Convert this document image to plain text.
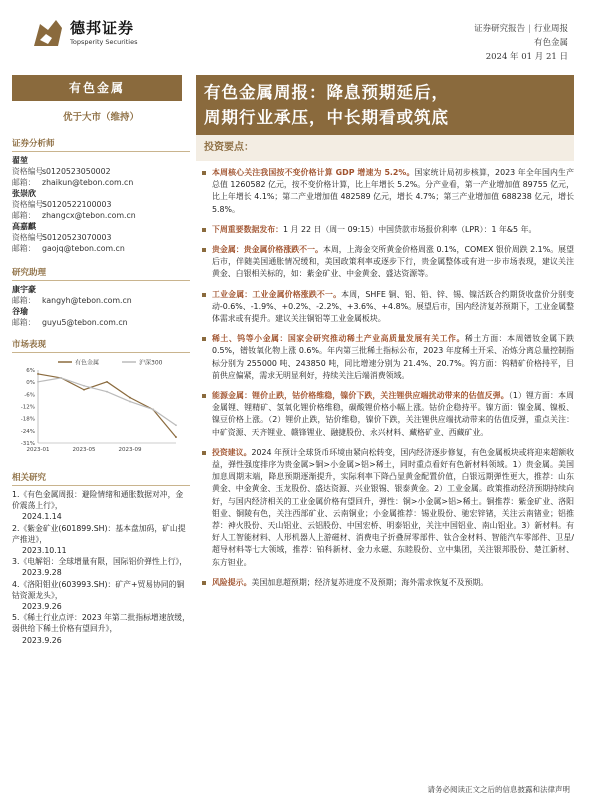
德邦证券
Topsperity Securities
证券研究报告 | 行业周报
有色金属
2024 年 01 月 21 日
有色金属
优于大市（维持）
证券分析师
翟堃
资格编号：s0120523050002
邮箱： zhaikun@tebon.com.cn
张崇欣
资格编号：S0120522100003
邮箱： zhangcx@tebon.com.cn
高嘉麒
资格编号：S0120523070003
邮箱： gaojq@tebon.com.cn
研究助理
康宇豪
邮箱： kangyh@tebon.com.cn
谷瑜
邮箱： guyu5@tebon.com.cn
市场表现
有色金属	沪深300
6%
0%
-6%
-12%
-18%
-24%
-31%
2023-01	2023-05	2023-09
相关研究
1.《有色金属周报：避险情绪和通胀数据对冲，金价震荡上行》，
2024.1.14
2.《紫金矿业(601899.SH)：基本盘加码，矿山提产推进》，
2023.10.11
3.《电解铝：全球增量有限，国际铝价弹性上行》，
2023.9.28
4.《洛阳钼业(603993.SH)：矿产+贸易协同的铜钴资源龙头》，
2023.9.26
5.《稀土行业点评：2023 年第二批指标增速放缓，弱供给下稀土价格有望回升》，
2023.9.26
有色金属周报：降息预期延后，
周期行业承压，中长期看或筑底
投资要点：
本周核心关注我国按不变价格计算 GDP 增速为 5.2%。国家统计局初步核算，2023 年全年国内生产总值 1260582 亿元，按不变价格计算，比上年增长 5.2%。分产业看，第一产业增加值 89755 亿元，比上年增长 4.1%；第二产业增加值 482589 亿元，增长 4.7%；第三产业增加值 688238 亿元，增长 5.8%。
下周重要数据发布：1 月 22 日（周一 09:15）中国贷款市场报价利率（LPR）：1 年&5 年。
贵金属：贵金属价格涨跌不一。本周，上海金交所黄金价格周涨 0.1%，COMEX 银价周跌 2.1%。展望后市，伴随美国通胀情况缓和，美国政策利率或逐步下行，贵金属整体或有进一步市场表现，建议关注黄金、白银相关标的，如：紫金矿业、中金黄金、盛达资源等。
工业金属：工业金属价格涨跌不一。本周，SHFE 铜、铝、铅、锌、锡、镍活跃合约期货收盘价分别变动-0.6%、-1.9%、+0.2%、-2.2%、+3.6%、+4.8%。展望后市，国内经济复苏预期下，工业金属整体需求或有提升。建议关注铜铝等工业金属板块。
稀土、钨等小金属：国家会研究推动稀土产业高质量发展有关工作。稀土方面：本周镨钕金属下跌 0.5%，镨钕氧化物上涨 0.6%。年内第三批稀土指标公布，2023 年度稀土开采、冶炼分离总量控制指标分别为 255000 吨、243850 吨，同比增速分别为 21.4%、20.7%。钨方面：钨精矿价格持平，目前供应偏紧，需求无明显利好，持续关注后端消费领域。
能源金属：锂价止跌，钴价格维稳，镍价下跌，关注锂供应端扰动带来的估值反弹。（1）锂方面：本周金属锂、锂精矿、氢氧化锂价格维稳，碳酸锂价格小幅上涨。钴价企稳持平。镍方面：镍金属、镍板、镍豆价格上涨。（2）锂价止跌，钴价维稳，镍价下跌，关注锂供应端扰动带来的估值反弹，重点关注：中矿资源、天齐锂业、赣锋锂业、融捷股份、永兴材料、藏格矿业、西藏矿业。
投资建议。2024 年预计全球货币环境由紧向松转变，国内经济逐步修复，有色金属板块或将迎来超额收益，弹性强度排序为贵金属>铜>小金属>铝>稀土，同时重点看好有色新材料领域。1）贵金属。美国加息周期末端，降息预期逐渐提升，实际利率下降凸显黄金配置价值，白银远期弹性更大，推荐：山东黄金、中金黄金、玉龙股份、盛达资源、兴业银锡、银泰黄金。2）工业金属。政策推动经济预期持续向好，与国内经济相关的工业金属价格有望回升，弹性：铜>小金属>铝>稀土。铜推荐：紫金矿业、洛阳钼业、铜陵有色，关注西部矿业、云南铜业；小金属推荐：锡业股份、驰宏锌锗，关注云南锗业；铝推荐：神火股份、天山铝业、云铝股份、中国宏桥、明泰铝业，关注中国铝业、南山铝业。3）新材料。有好人工智能材料、人形机器人上游磁材、消费电子折叠屏零部件、钛合金材料、智能汽车零部件、卫星/超导材料等七大领域，推荐：铂科新材、金力永磁、东睦股份、立中集团，关注银邦股份、楚江新材、东方钽业。
风险提示。美国加息超预期；经济复苏进度不及预期；海外需求恢复不及预期。
请务必阅读正文之后的信息披露和法律声明
